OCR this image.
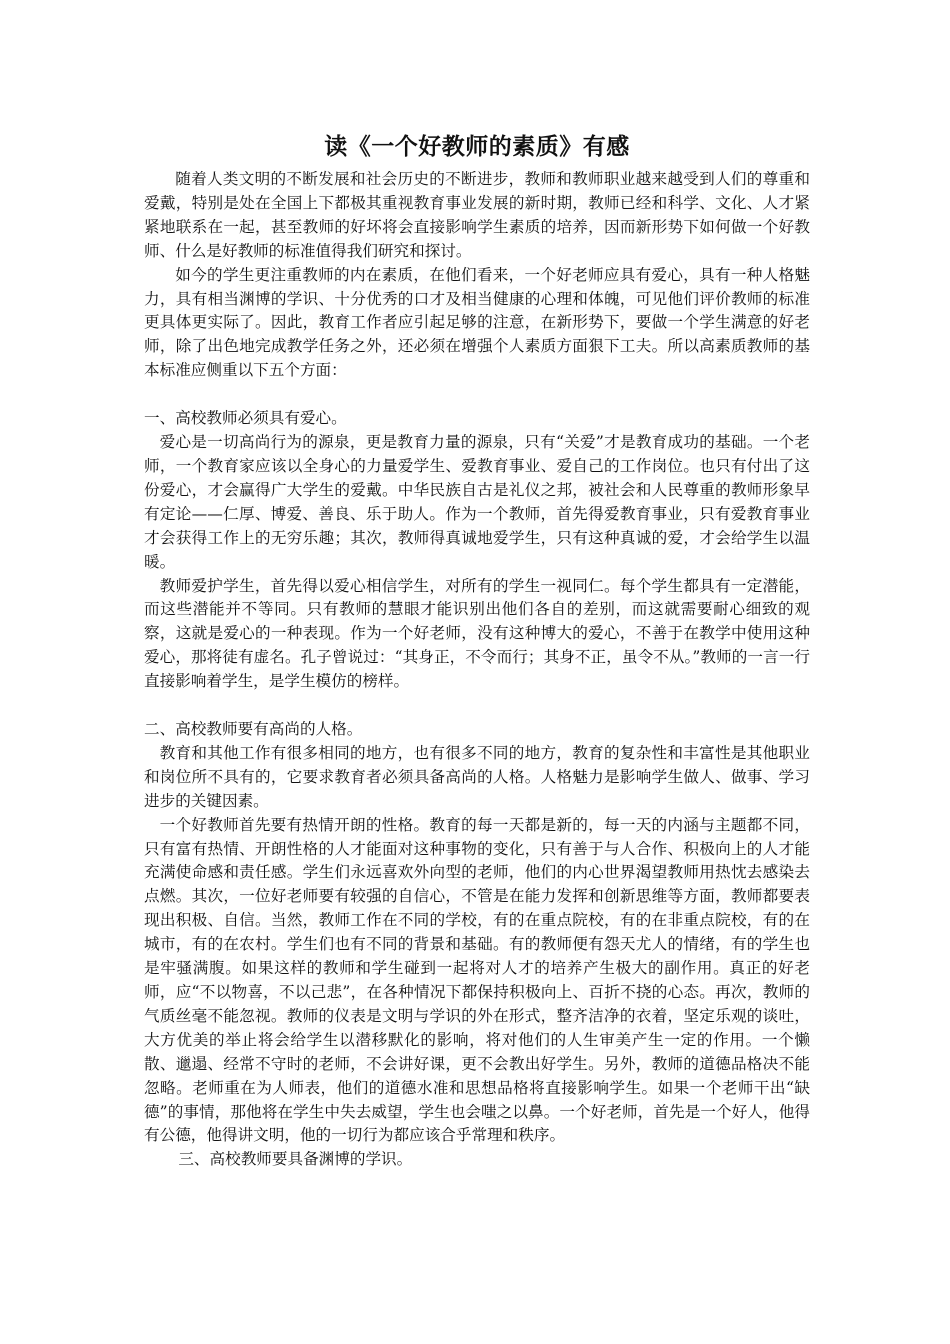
读《一个好教师的素质》有感

随着人类文明的不断发展和社会历史的不断进步，教师和教师职业越来越受到人们的尊重和爱戴，特别是处在全国上下都极其重视教育事业发展的新时期，教师已经和科学、文化、人才紧紧地联系在一起，甚至教师的好坏将会直接影响学生素质的培养，因而新形势下如何做一个好教师、什么是好教师的标准值得我们研究和探讨。

如今的学生更注重教师的内在素质，在他们看来，一个好老师应具有爱心，具有一种人格魅力，具有相当渊博的学识、十分优秀的口才及相当健康的心理和体魄，可见他们评价教师的标准更具体更实际了。因此，教育工作者应引起足够的注意，在新形势下，要做一个学生满意的好老师，除了出色地完成教学任务之外，还必须在增强个人素质方面狠下工夫。所以高素质教师的基本标准应侧重以下五个方面：

一、高校教师必须具有爱心。

爱心是一切高尚行为的源泉，更是教育力量的源泉，只有“关爱”才是教育成功的基础。一个老师，一个教育家应该以全身心的力量爱学生、爱教育事业、爱自己的工作岗位。也只有付出了这份爱心，才会赢得广大学生的爱戴。中华民族自古是礼仪之邦，被社会和人民尊重的教师形象早有定论——仁厚、博爱、善良、乐于助人。作为一个教师，首先得爱教育事业，只有爱教育事业才会获得工作上的无穷乐趣；其次，教师得真诚地爱学生，只有这种真诚的爱，才会给学生以温暖。

教师爱护学生，首先得以爱心相信学生，对所有的学生一视同仁。每个学生都具有一定潜能，而这些潜能并不等同。只有教师的慧眼才能识别出他们各自的差别，而这就需要耐心细致的观察，这就是爱心的一种表现。作为一个好老师，没有这种博大的爱心，不善于在教学中使用这种爱心，那将徒有虚名。孔子曾说过：“其身正，不令而行；其身不正，虽令不从。”教师的一言一行直接影响着学生，是学生模仿的榜样。

二、高校教师要有高尚的人格。

教育和其他工作有很多相同的地方，也有很多不同的地方，教育的复杂性和丰富性是其他职业和岗位所不具有的，它要求教育者必须具备高尚的人格。人格魅力是影响学生做人、做事、学习进步的关键因素。

一个好教师首先要有热情开朗的性格。教育的每一天都是新的，每一天的内涵与主题都不同，只有富有热情、开朗性格的人才能面对这种事物的变化，只有善于与人合作、积极向上的人才能充满使命感和责任感。学生们永远喜欢外向型的老师，他们的内心世界渴望教师用热忱去感染去点燃。其次，一位好老师要有较强的自信心，不管是在能力发挥和创新思维等方面，教师都要表现出积极、自信。当然，教师工作在不同的学校，有的在重点院校，有的在非重点院校，有的在城市，有的在农村。学生们也有不同的背景和基础。有的教师便有怨天尤人的情绪，有的学生也是牢骚满腹。如果这样的教师和学生碰到一起将对人才的培养产生极大的副作用。真正的好老师，应“不以物喜，不以己悲”，在各种情况下都保持积极向上、百折不挠的心态。再次，教师的气质丝毫不能忽视。教师的仪表是文明与学识的外在形式，整齐洁净的衣着，坚定乐观的谈吐，大方优美的举止将会给学生以潜移默化的影响，将对他们的人生审美产生一定的作用。一个懒散、邋遢、经常不守时的老师，不会讲好课，更不会教出好学生。另外，教师的道德品格决不能忽略。老师重在为人师表，他们的道德水准和思想品格将直接影响学生。如果一个老师干出“缺德”的事情，那他将在学生中失去威望，学生也会嗤之以鼻。一个好老师，首先是一个好人，他得有公德，他得讲文明，他的一切行为都应该合乎常理和秩序。

三、高校教师要具备渊博的学识。
